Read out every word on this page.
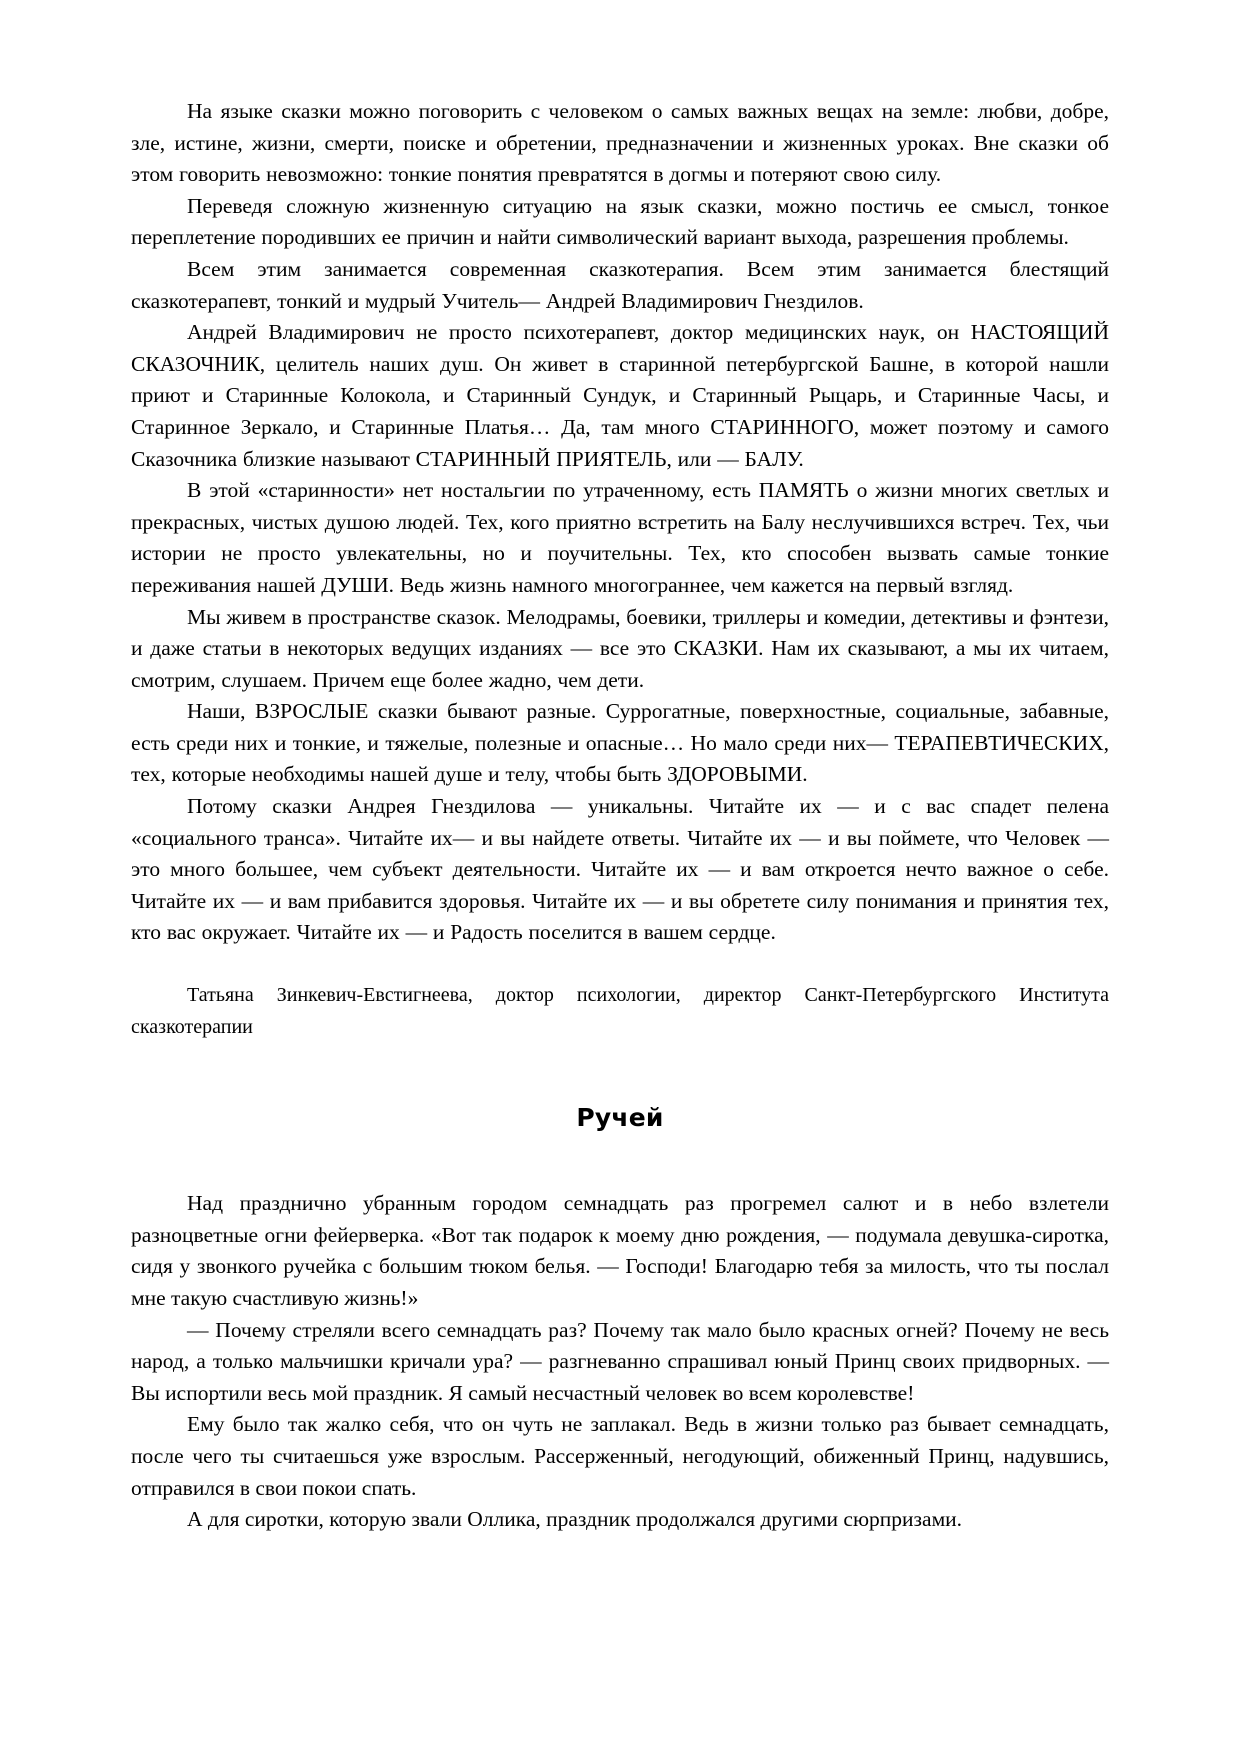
На языке сказки можно поговорить с человеком о самых важных вещах на земле: любви, добре, зле, истине, жизни, смерти, поиске и обретении, предназначении и жизненных уроках. Вне сказки об этом говорить невозможно: тонкие понятия превратятся в догмы и потеряют свою силу.

Переведя сложную жизненную ситуацию на язык сказки, можно постичь ее смысл, тонкое переплетение породивших ее причин и найти символический вариант выхода, разрешения проблемы.

Всем этим занимается современная сказкотерапия. Всем этим занимается блестящий сказкотерапевт, тонкий и мудрый Учитель— Андрей Владимирович Гнездилов.

Андрей Владимирович не просто психотерапевт, доктор медицинских наук, он НАСТОЯЩИЙ СКАЗОЧНИК, целитель наших душ. Он живет в старинной петербургской Башне, в которой нашли приют и Старинные Колокола, и Старинный Сундук, и Старинный Рыцарь, и Старинные Часы, и Старинное Зеркало, и Старинные Платья… Да, там много СТАРИННОГО, может поэтому и самого Сказочника близкие называют СТАРИННЫЙ ПРИЯТЕЛЬ, или — БАЛУ.

В этой «старинности» нет ностальгии по утраченному, есть ПАМЯТЬ о жизни многих светлых и прекрасных, чистых душою людей. Тех, кого приятно встретить на Балу неслучившихся встреч. Тех, чьи истории не просто увлекательны, но и поучительны. Тех, кто способен вызвать самые тонкие переживания нашей ДУШИ. Ведь жизнь намного многограннее, чем кажется на первый взгляд.

Мы живем в пространстве сказок. Мелодрамы, боевики, триллеры и комедии, детективы и фэнтези, и даже статьи в некоторых ведущих изданиях — все это СКАЗКИ. Нам их сказывают, а мы их читаем, смотрим, слушаем. Причем еще более жадно, чем дети.

Наши, ВЗРОСЛЫЕ сказки бывают разные. Суррогатные, поверхностные, социальные, забавные, есть среди них и тонкие, и тяжелые, полезные и опасные… Но мало среди них— ТЕРАПЕВТИЧЕСКИХ, тех, которые необходимы нашей душе и телу, чтобы быть ЗДОРОВЫМИ.

Потому сказки Андрея Гнездилова — уникальны. Читайте их — и с вас спадет пелена «социального транса». Читайте их— и вы найдете ответы. Читайте их — и вы поймете, что Человек — это много большее, чем субъект деятельности. Читайте их — и вам откроется нечто важное о себе. Читайте их — и вам прибавится здоровья. Читайте их — и вы обретете силу понимания и принятия тех, кто вас окружает. Читайте их — и Радость поселится в вашем сердце.

Татьяна Зинкевич-Евстигнеева, доктор психологии, директор Санкт-Петербургского Института сказкотерапии

Ручей

Над празднично убранным городом семнадцать раз прогремел салют и в небо взлетели разноцветные огни фейерверка. «Вот так подарок к моему дню рождения, — подумала девушка-сиротка, сидя у звонкого ручейка с большим тюком белья. — Господи! Благодарю тебя за милость, что ты послал мне такую счастливую жизнь!»

— Почему стреляли всего семнадцать раз? Почему так мало было красных огней? Почему не весь народ, а только мальчишки кричали ура? — разгневанно спрашивал юный Принц своих придворных. — Вы испортили весь мой праздник. Я самый несчастный человек во всем королевстве!

Ему было так жалко себя, что он чуть не заплакал. Ведь в жизни только раз бывает семнадцать, после чего ты считаешься уже взрослым. Рассерженный, негодующий, обиженный Принц, надувшись, отправился в свои покои спать.

А для сиротки, которую звали Оллика, праздник продолжался другими сюрпризами.
